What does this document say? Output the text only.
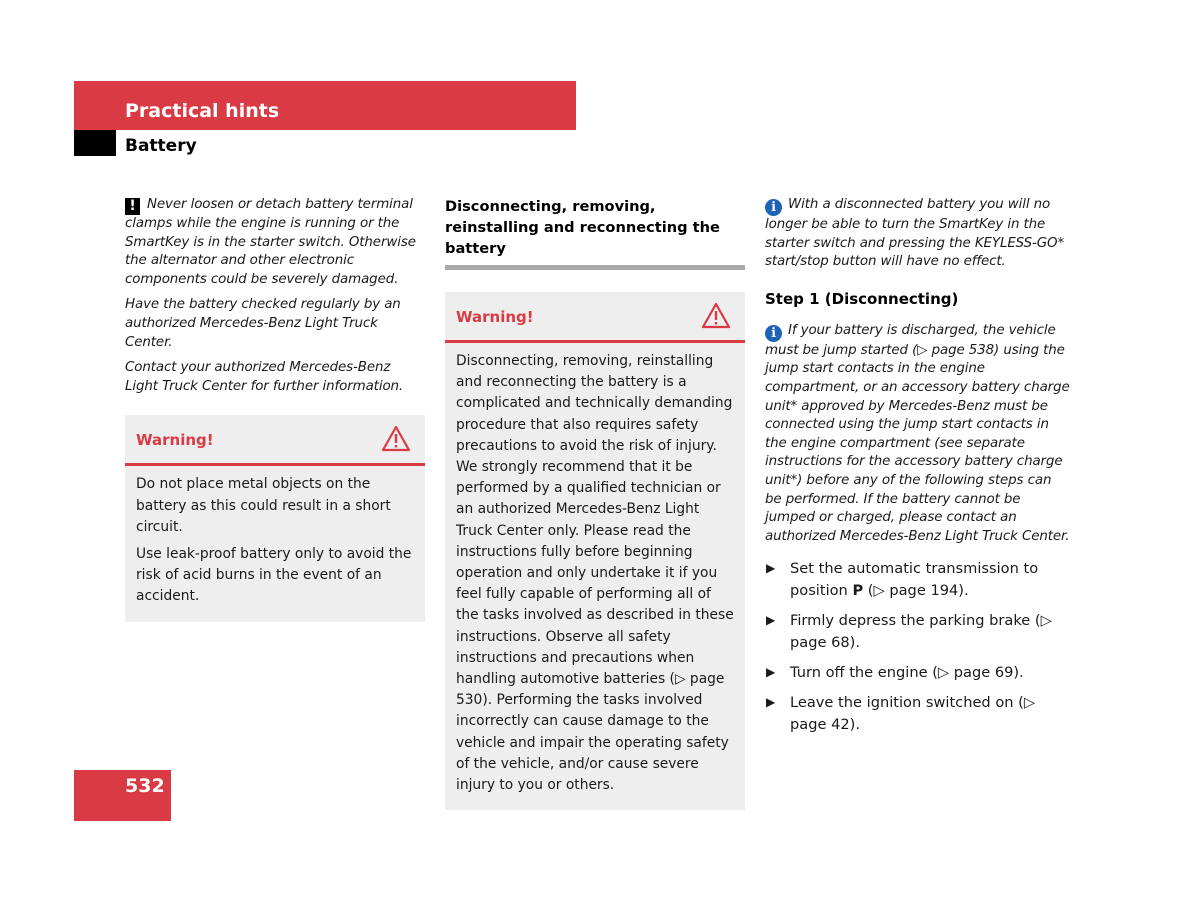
Practical hints
Battery

! Never loosen or detach battery terminal clamps while the engine is running or the SmartKey is in the starter switch. Otherwise the alternator and other electronic components could be severely damaged.

Have the battery checked regularly by an authorized Mercedes-Benz Light Truck Center.

Contact your authorized Mercedes-Benz Light Truck Center for further information.

Warning!

Do not place metal objects on the battery as this could result in a short circuit.

Use leak-proof battery only to avoid the risk of acid burns in the event of an accident.

Disconnecting, removing, reinstalling and reconnecting the battery

Warning!

Disconnecting, removing, reinstalling and reconnecting the battery is a complicated and technically demanding procedure that also requires safety precautions to avoid the risk of injury. We strongly recommend that it be performed by a qualified technician or an authorized Mercedes-Benz Light Truck Center only. Please read the instructions fully before beginning operation and only undertake it if you feel fully capable of performing all of the tasks involved as described in these instructions. Observe all safety instructions and precautions when handling automotive batteries (▷ page 530). Performing the tasks involved incorrectly can cause damage to the vehicle and impair the operating safety of the vehicle, and/or cause severe injury to you or others.

i With a disconnected battery you will no longer be able to turn the SmartKey in the starter switch and pressing the KEYLESS-GO* start/stop button will have no effect.

Step 1 (Disconnecting)

i If your battery is discharged, the vehicle must be jump started (▷ page 538) using the jump start contacts in the engine compartment, or an accessory battery charge unit* approved by Mercedes-Benz must be connected using the jump start contacts in the engine compartment (see separate instructions for the accessory battery charge unit*) before any of the following steps can be performed. If the battery cannot be jumped or charged, please contact an authorized Mercedes-Benz Light Truck Center.

▶ Set the automatic transmission to position P (▷ page 194).
▶ Firmly depress the parking brake (▷ page 68).
▶ Turn off the engine (▷ page 69).
▶ Leave the ignition switched on (▷ page 42).

532
